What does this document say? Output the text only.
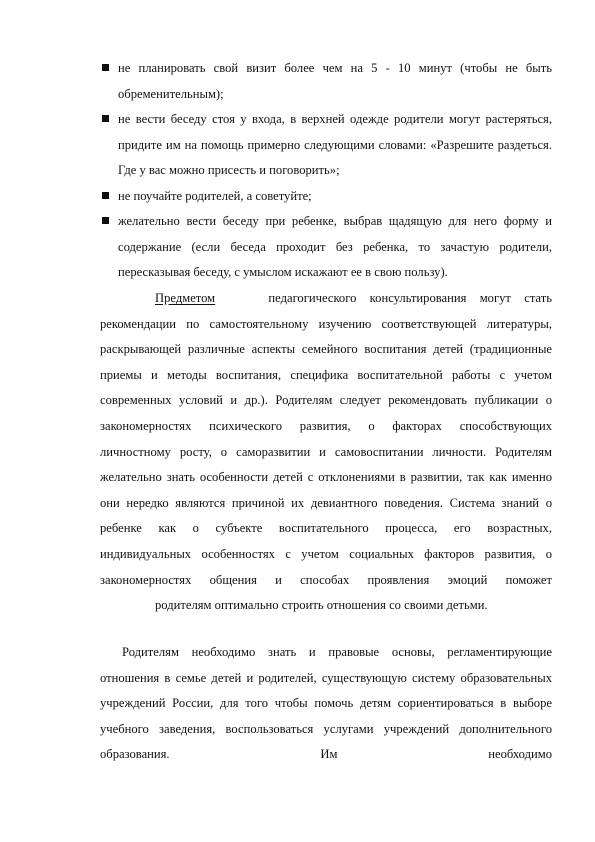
не планировать свой визит более чем на 5 - 10 минут (чтобы не быть обременительным);
не вести беседу стоя у входа, в верхней одежде родители могут растеряться, придите им на помощь примерно следующими словами: «Разрешите раздеться. Где у вас можно присесть и поговорить»;
не поучайте родителей, а советуйте;
желательно вести беседу при ребенке, выбрав щадящую для него форму и содержание (если беседа проходит без ребенка, то зачастую родители, пересказывая беседу, с умыслом искажают ее в свою пользу).

Предметом	педагогического консультирования могут стать рекомендации по самостоятельному изучению соответствующей литературы, раскрывающей различные аспекты семейного воспитания детей (традиционные приемы и методы воспитания, специфика воспитательной работы с учетом современных условий и др.). Родителям следует рекомендовать публикации о закономерностях психического развития, о факторах способствующих личностному росту, о саморазвитии и самовоспитании личности. Родителям желательно знать особенности детей с отклонениями в развитии, так как именно они нередко являются причиной их девиантного поведения. Система знаний о ребенке как о субъекте воспитательного процесса, его возрастных, индивидуальных особенностях с учетом социальных факторов развития, о закономерностях общения и способах проявления эмоций поможет
родителям оптимально строить отношения со своими детьми.

Родителям необходимо знать и правовые основы, регламентирующие отношения в семье детей и родителей, существующую систему образовательных учреждений России, для того чтобы помочь детям сориентироваться в выборе учебного заведения, воспользоваться услугами учреждений дополнительного образования. Им необходимо
